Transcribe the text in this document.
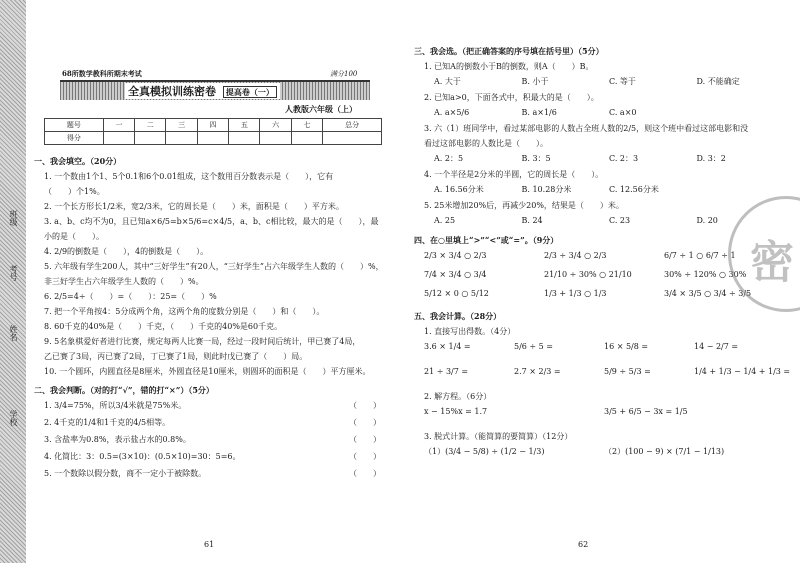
班级
考号
姓名
学校
68所数学教科所期末考试	满分100
全真模拟训练密卷 提高卷（一）
人教版六年级（上）
题号	一	二	三	四	五	六	七	总分
得分								
一、我会填空。（20分）
1. 一个数由1个1、5个0.1和6个0.01组成，这个数用百分数表示是（　　），它有
（　　）个1%。
2. 一个长方形长1/2米，宽2/3米，它的周长是（　　）米，面积是（　　）平方米。
3. a、b、c均不为0，且已知a×6/5=b×5/6=c×4/5，a、b、c相比较，最大的是（　　），最
小的是（　　）。
4. 2/9的倒数是（　　），4的倒数是（　　）。
5. 六年级有学生200人，其中“三好学生”有20人，“三好学生”占六年级学生人数的（　　）%，
非三好学生占六年级学生人数的（　　）%。
6. 2/5=4÷（　　）=（　　）：25=（　　）%
7. 把一个平角按4：5分成两个角，这两个角的度数分别是（　　）和（　　）。
8. 60千克的40%是（　　）千克，（　　）千克的40%是60千克。
9. 5名象棋爱好者进行比赛，规定每两人比赛一局，经过一段时间后统计，甲已赛了4局，
乙已赛了3局，丙已赛了2局，丁已赛了1局，则此时戊已赛了（　　）局。
10. 一个圆环，内圆直径是8厘米，外圆直径是10厘米，则圆环的面积是（　　）平方厘米。
二、我会判断。（对的打“√”，错的打“×”）（5分）
1. 3/4=75%，所以3/4米就是75%米。	（　　）
2. 4千克的1/4和1千克的4/5相等。	（　　）
3. 含盐率为0.8%，表示盐占水的0.8%。	（　　）
4. 化简比：3：0.5=(3×10)：(0.5×10)=30：5=6。	（　　）
5. 一个数除以假分数，商不一定小于被除数。	（　　）
61
三、我会选。（把正确答案的序号填在括号里）（5分）
1. 已知A的倒数小于B的倒数，则A（　　）B。
A. 大于	B. 小于	C. 等于	D. 不能确定
2. 已知a>0，下面各式中，积最大的是（　　）。
A. a×5/6	B. a×1/6	C. a×0
3. 六（1）班同学中，看过某部电影的人数占全班人数的2/5，则这个班中看过这部电影和没
看过这部电影的人数比是（　　）。
A. 2：5	B. 3：5	C. 2：3	D. 3：2
4. 一个半径是2分米的半圆，它的周长是（　　）。
A. 16.56分米	B. 10.28分米	C. 12.56分米
5. 25米增加20%后，再减少20%，结果是（　　）米。
A. 25	B. 24	C. 23	D. 20
四、在○里填上“>”“<”或“=”。（9分）
2/3 × 3/4 ○ 2/3	2/3 ÷ 3/4 ○ 2/3	6/7 ÷ 1 ○ 6/7 ÷ 1
7/4 × 3/4 ○ 3/4	21/10 ÷ 30% ○ 21/10	30% ÷ 120% ○ 30%
5/12 × 0 ○ 5/12	1/3 + 1/3 ○ 1/3	3/4 × 3/5 ○ 3/4 ÷ 3/5
五、我会计算。（28分）
1. 直接写出得数。（4分）
3.6 × 1/4 =	5/6 ÷ 5 =	16 × 5/8 =	14 − 2/7 =
21 ÷ 3/7 =	2.7 × 2/3 =	5/9 ÷ 5/3 =	1/4 + 1/3 − 1/4 + 1/3 =
2. 解方程。（6分）
x − 15%x = 1.7	3/5 + 6/5 − 3x = 1/5
3. 脱式计算。（能简算的要简算）（12分）
（1）(3/4 − 5/8) ÷ (1/2 − 1/3)	（2）(100 − 9) × (7/1 − 1/13)
62
密
